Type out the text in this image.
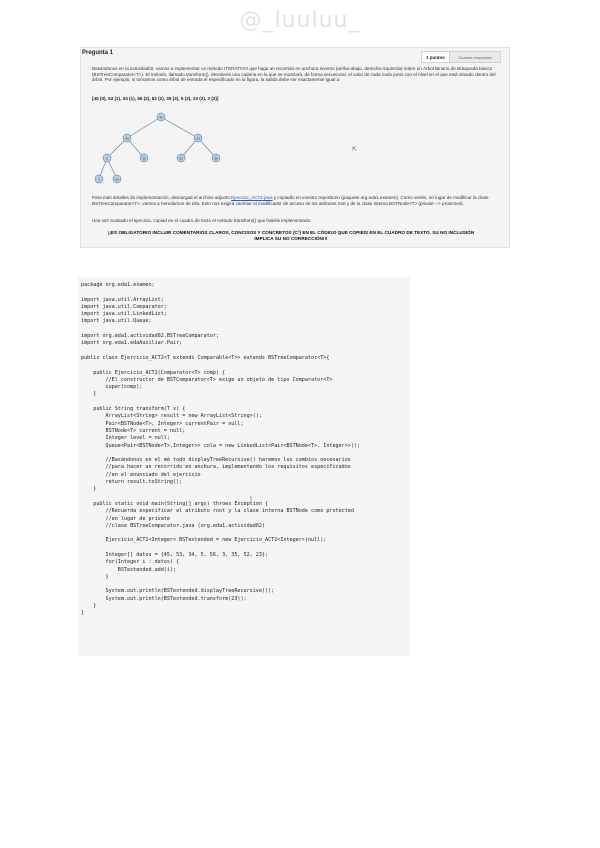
@_luuluu_
Pregunta 1
1 puntos	Guardar respuesta
Basándonos en la actividad02, vamos a implementar un método ITERATIVO que haga un recorrido en anchura inverso (arriba-abajo, derecha-izquierda) sobre un Árbol Binario de Búsqueda básico (BSTreeComparator<T>). El método, llamado transform(), devolverá una cadena en la que se mostrará, de forma secuencial, el valor de cada nodo junto con el nivel en el que está situado dentro del árbol. Por ejemplo, si tomamos como árbol de entrada el especificado en la figura, la salida debe ser exactamente igual a:
[45 (0), 53 (1), 34 (1), 56 (2), 52 (2), 35 (2), 5 (2), 23 (3), 3 (3)]
45
34	53
5	35	52	56
3	23
Para más detalles de implementación, descargad el archivo adjunto Ejercicio_ACT2.java y copiadlo en vuestro repositorio (paquete org.eda1.examen). Como veréis, en lugar de modificar la clase BSTreeComparator<T>, vamos a heredarnos de ella. Esto nos exigirá cambiar el modificador de acceso de los atributos root y de la clase interna BSTNode<T> (private --> protected).
Una vez acabado el ejercicio, copiad en el cuadro de texto el método transform() que habéis implementado.
¡¡ES OBLIGATORIO INCLUIR COMENTARIOS CLAROS, CONCISOS Y CONCRETOS (C³) EN EL CÓDIGO QUE COPIEIS EN EL CUADRO DE TEXTO. SU NO INCLUSIÓN IMPLICA SU NO CORRECCIÓN!!!
⇱
package org.eda1.examen;

import java.util.ArrayList;
import java.util.Comparator;
import java.util.LinkedList;
import java.util.Queue;

import org.eda1.actividad02.BSTreeComparator;
import org.eda1.edaAuxiliar.Pair;

public class Ejercicio_ACT2<T extends Comparable<T>> extends BSTreeComparator<T>{

public Ejercicio_ACT2(Comparator<T> comp) {
//El constructor de BSTComparator<T> exige un objeto de tipo Comparator<T>
super(comp);
}

public String transform(T v) {
ArrayList<String> result = new ArrayList<String>();
Pair<BSTNode<T>, Integer> currentPair = null;
BSTNode<T> current = null;
Integer level = null;
Queue<Pair<BSTNode<T>,Integer>> cola = new LinkedList<Pair<BSTNode<T>, Integer>>();

//Basándonos en el mé todo displayTreeRecursive() haremos los cambios necesarios
//para hacer un recorrido en anchura, implementando los requisitos especificados
//en el enunciado del ejercicio
return result.toString();
}

public static void main(String[] args) throws Exception {
//Recuerda especificar el atributo root y la clase interna BSTNode como protected
//en lugar de private
//clase BSTreeComparator.java (org.eda1.actividad02)

Ejercicio_ACT2<Integer> BSTextended = new Ejercicio_ACT2<Integer>(null);

Integer[] datos = {45, 53, 34, 5, 56, 3, 35, 52, 23};
for(Integer i : datos) {
BSTextended.add(i);
}

System.out.println(BSTextended.displayTreeRecursive());
System.out.println(BSTextended.transform(23));
}
}
I
